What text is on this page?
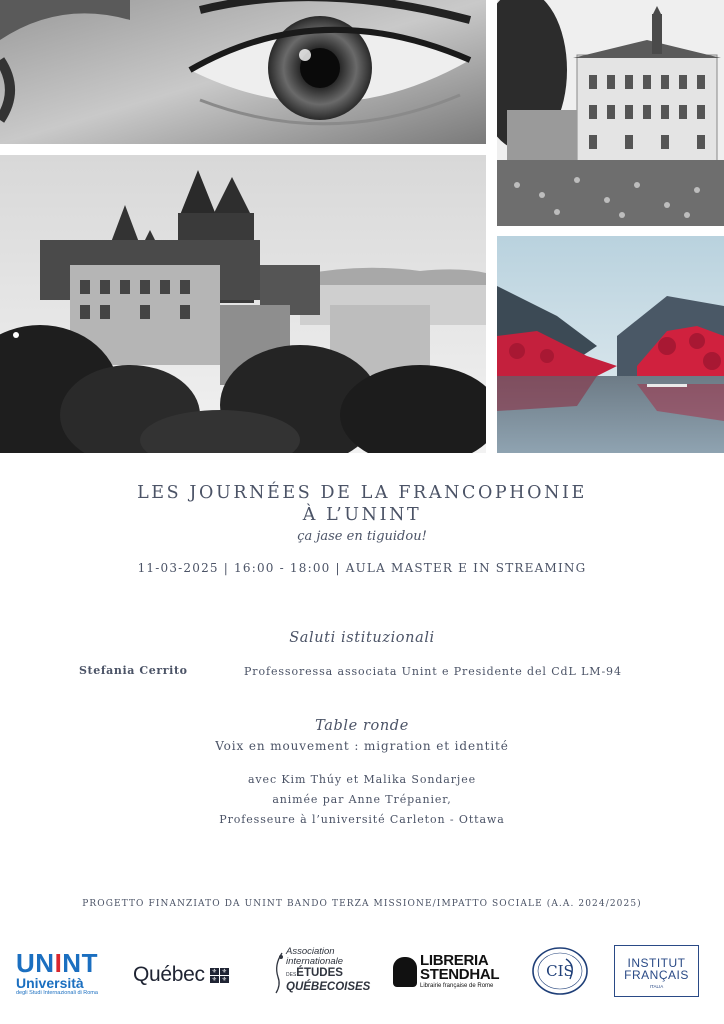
LES JOURNÉES DE LA FRANCOPHONIE
À L’UNINT
ça jase en tiguidou!
11-03-2025 | 16:00 - 18:00 | AULA MASTER E IN STREAMING
Saluti istituzionali
Stefania Cerrito	Professoressa associata Unint e Presidente del CdL LM-94
Table ronde
Voix en mouvement : migration et identité
avec Kim Thúy et Malika Sondarjee
animée par Anne Trépanier,
Professeure à l’université Carleton - Ottawa
PROGETTO FINANZIATO DA UNINT BANDO TERZA MISSIONE/IMPATTO SOCIALE (A.A. 2024/2025)
UNINT
Università
degli Studi Internazionali di Roma
Québec ⚜ ⚜
⚜ ⚜
Association
internationale
DESÉTUDES
QUÉBECOISES
LIBRERIA
STENDHAL
Librairie française de Rome
CIS	INSTITUT
FRANÇAIS
ITALIA
